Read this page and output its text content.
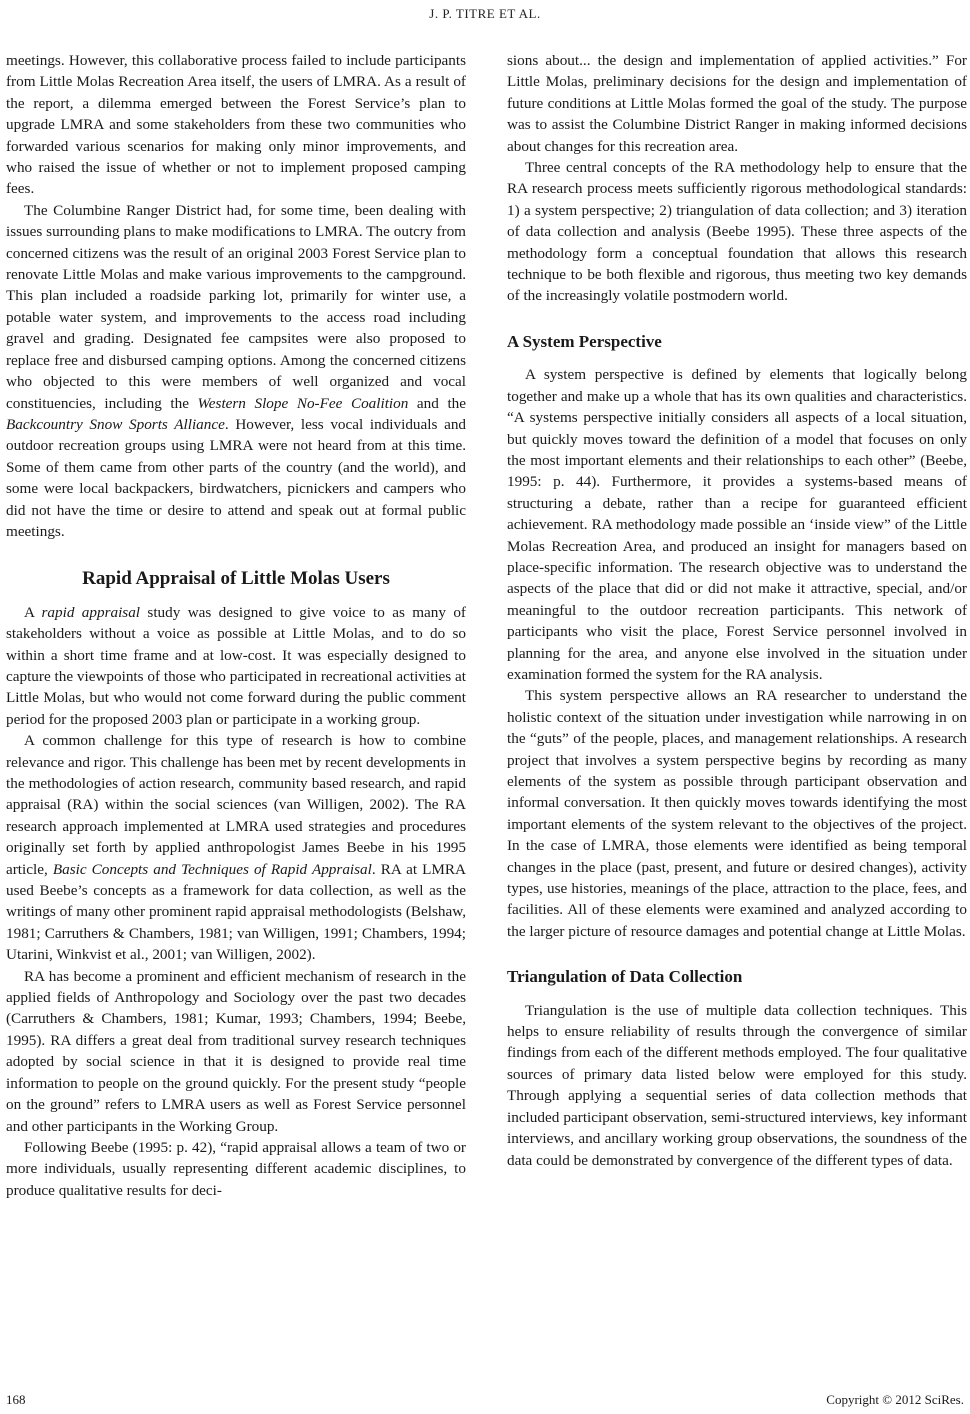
J. P. TITRE ET AL.

meetings. However, this collaborative process failed to include participants from Little Molas Recreation Area itself, the users of LMRA. As a result of the report, a dilemma emerged between the Forest Service’s plan to upgrade LMRA and some stakeholders from these two communities who forwarded various scenarios for making only minor improvements, and who raised the issue of whether or not to implement proposed camping fees.

The Columbine Ranger District had, for some time, been dealing with issues surrounding plans to make modifications to LMRA. The outcry from concerned citizens was the result of an original 2003 Forest Service plan to renovate Little Molas and make various improvements to the campground. This plan included a roadside parking lot, primarily for winter use, a potable water system, and improvements to the access road including gravel and grading. Designated fee campsites were also proposed to replace free and disbursed camping options. Among the concerned citizens who objected to this were members of well organized and vocal constituencies, including the Western Slope No-Fee Coalition and the Backcountry Snow Sports Alliance. However, less vocal individuals and outdoor recreation groups using LMRA were not heard from at this time. Some of them came from other parts of the country (and the world), and some were local backpackers, birdwatchers, picnickers and campers who did not have the time or desire to attend and speak out at formal public meetings.

Rapid Appraisal of Little Molas Users

A rapid appraisal study was designed to give voice to as many of stakeholders without a voice as possible at Little Molas, and to do so within a short time frame and at low-cost. It was especially designed to capture the viewpoints of those who participated in recreational activities at Little Molas, but who would not come forward during the public comment period for the proposed 2003 plan or participate in a working group.

A common challenge for this type of research is how to combine relevance and rigor. This challenge has been met by recent developments in the methodologies of action research, community based research, and rapid appraisal (RA) within the social sciences (van Willigen, 2002). The RA research approach implemented at LMRA used strategies and procedures originally set forth by applied anthropologist James Beebe in his 1995 article, Basic Concepts and Techniques of Rapid Appraisal. RA at LMRA used Beebe’s concepts as a framework for data collection, as well as the writings of many other prominent rapid appraisal methodologists (Belshaw, 1981; Carruthers & Chambers, 1981; van Willigen, 1991; Chambers, 1994; Utarini, Winkvist et al., 2001; van Willigen, 2002).

RA has become a prominent and efficient mechanism of research in the applied fields of Anthropology and Sociology over the past two decades (Carruthers & Chambers, 1981; Kumar, 1993; Chambers, 1994; Beebe, 1995). RA differs a great deal from traditional survey research techniques adopted by social science in that it is designed to provide real time information to people on the ground quickly. For the present study “people on the ground” refers to LMRA users as well as Forest Service personnel and other participants in the Working Group.

Following Beebe (1995: p. 42), “rapid appraisal allows a team of two or more individuals, usually representing different academic disciplines, to produce qualitative results for deci-

sions about... the design and implementation of applied activities.” For Little Molas, preliminary decisions for the design and implementation of future conditions at Little Molas formed the goal of the study. The purpose was to assist the Columbine District Ranger in making informed decisions about changes for this recreation area.

Three central concepts of the RA methodology help to ensure that the RA research process meets sufficiently rigorous methodological standards: 1) a system perspective; 2) triangulation of data collection; and 3) iteration of data collection and analysis (Beebe 1995). These three aspects of the methodology form a conceptual foundation that allows this research technique to be both flexible and rigorous, thus meeting two key demands of the increasingly volatile postmodern world.

A System Perspective

A system perspective is defined by elements that logically belong together and make up a whole that has its own qualities and characteristics. “A systems perspective initially considers all aspects of a local situation, but quickly moves toward the definition of a model that focuses on only the most important elements and their relationships to each other” (Beebe, 1995: p. 44). Furthermore, it provides a systems-based means of structuring a debate, rather than a recipe for guaranteed efficient achievement. RA methodology made possible an ‘inside view” of the Little Molas Recreation Area, and produced an insight for managers based on place-specific information. The research objective was to understand the aspects of the place that did or did not make it attractive, special, and/or meaningful to the outdoor recreation participants. This network of participants who visit the place, Forest Service personnel involved in planning for the area, and anyone else involved in the situation under examination formed the system for the RA analysis.

This system perspective allows an RA researcher to understand the holistic context of the situation under investigation while narrowing in on the “guts” of the people, places, and management relationships. A research project that involves a system perspective begins by recording as many elements of the system as possible through participant observation and informal conversation. It then quickly moves towards identifying the most important elements of the system relevant to the objectives of the project. In the case of LMRA, those elements were identified as being temporal changes in the place (past, present, and future or desired changes), activity types, use histories, meanings of the place, attraction to the place, fees, and facilities. All of these elements were examined and analyzed according to the larger picture of resource damages and potential change at Little Molas.

Triangulation of Data Collection

Triangulation is the use of multiple data collection techniques. This helps to ensure reliability of results through the convergence of similar findings from each of the different methods employed. The four qualitative sources of primary data listed below were employed for this study. Through applying a sequential series of data collection methods that included participant observation, semi-structured interviews, key informant interviews, and ancillary working group observations, the soundness of the data could be demonstrated by convergence of the different types of data.

168	Copyright © 2012 SciRes.
